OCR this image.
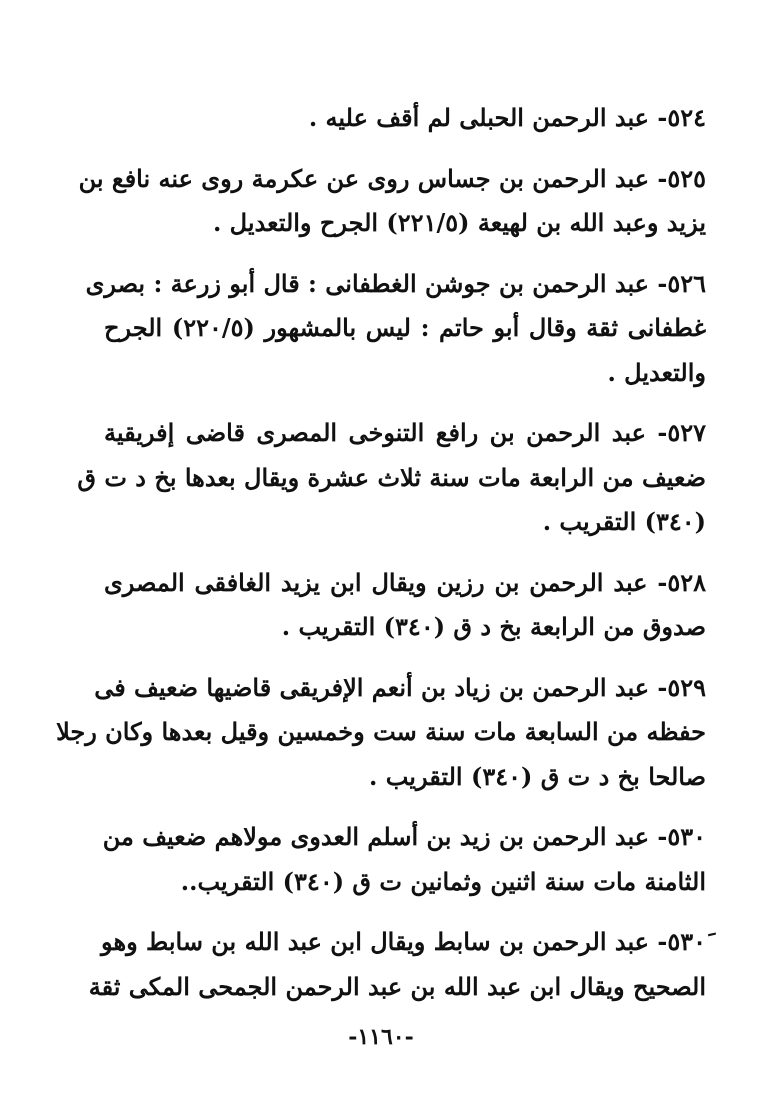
٥٢٤- عبد الرحمن الحبلى لم أقف عليه .
٥٢٥- عبد الرحمن بن جساس روى عن عكرمة روى عنه نافع بن
يزيد وعبد الله بن لهيعة (٢٢١/٥) الجرح والتعديل .
٥٢٦- عبد الرحمن بن جوشن الغطفانى : قال أبو زرعة : بصرى
غطفانى ثقة وقال أبو حاتم : ليس بالمشهور (٢٢٠/٥) الجرح
والتعديل .
٥٢٧- عبد الرحمن بن رافع التنوخى المصرى قاضى إفريقية
ضعيف من الرابعة مات سنة ثلاث عشرة ويقال بعدها بخ د ت ق
(٣٤٠) التقريب .
٥٢٨- عبد الرحمن بن رزين ويقال ابن يزيد الغافقى المصرى
صدوق من الرابعة بخ د ق (٣٤٠) التقريب .
٥٢٩- عبد الرحمن بن زياد بن أنعم الإفريقى قاضيها ضعيف فى
حفظه من السابعة مات سنة ست وخمسين وقيل بعدها وكان رجلا
صالحا بخ د ت ق (٣٤٠) التقريب .
٥٣٠- عبد الرحمن بن زيد بن أسلم العدوى مولاهم ضعيف من
الثامنة مات سنة اثنين وثمانين ت ق (٣٤٠) التقريب..
٥٣٠َ- عبد الرحمن بن سابط ويقال ابن عبد الله بن سابط وهو
الصحيح ويقال ابن عبد الله بن عبد الرحمن الجمحى المكى ثقة
-١١٦٠-
